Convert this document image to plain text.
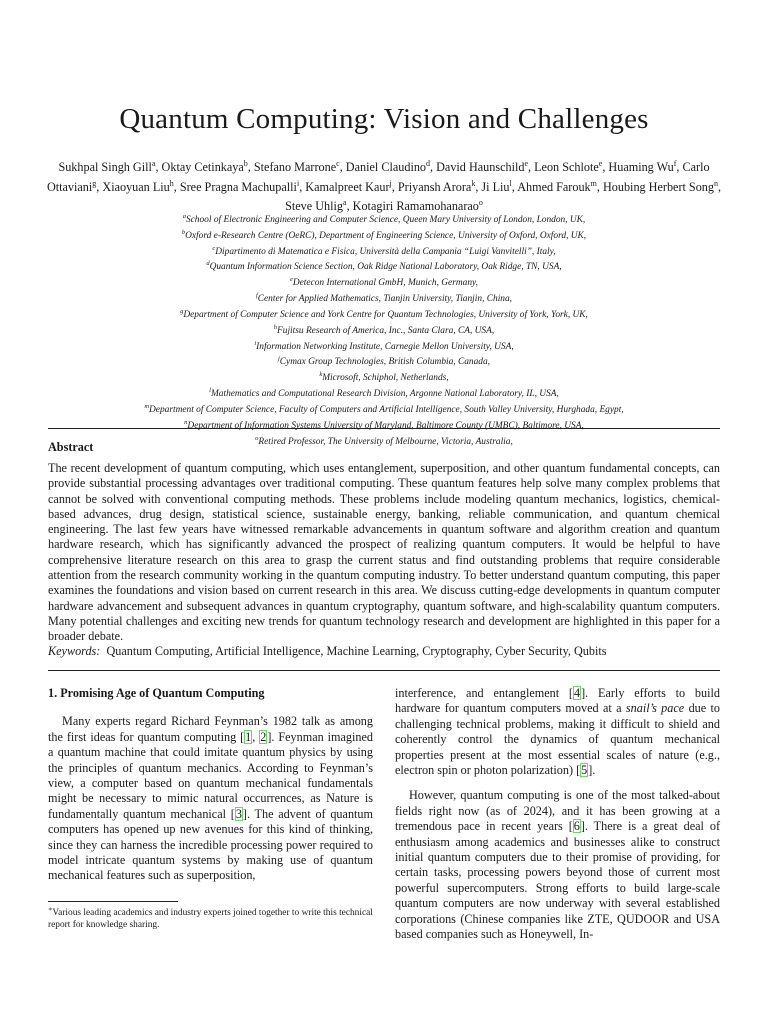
Quantum Computing: Vision and Challenges
Sukhpal Singh Gill$^a$, Oktay Cetinkaya$^b$, Stefano Marrone$^c$, Daniel Claudino$^d$, David Haunschild$^e$, Leon Schlote$^e$, Huaming Wu$^f$, Carlo Ottaviani$^g$, Xiaoyuan Liu$^h$, Sree Pragna Machupalli$^i$, Kamalpreet Kaur$^j$, Priyansh Arora$^k$, Ji Liu$^l$, Ahmed Farouk$^m$, Houbing Herbert Song$^n$, Steve Uhlig$^a$, Kotagiri Ramamohanarao$^o$
$^a$School of Electronic Engineering and Computer Science, Queen Mary University of London, London, UK,
$^b$Oxford e-Research Centre (OeRC), Department of Engineering Science, University of Oxford, Oxford, UK,
$^c$Dipartimento di Matematica e Fisica, Università della Campania “Luigi Vanvitelli”, Italy,
$^d$Quantum Information Science Section, Oak Ridge National Laboratory, Oak Ridge, TN, USA,
$^e$Detecon International GmbH, Munich, Germany,
$^f$Center for Applied Mathematics, Tianjin University, Tianjin, China,
$^g$Department of Computer Science and York Centre for Quantum Technologies, University of York, York, UK,
$^h$Fujitsu Research of America, Inc., Santa Clara, CA, USA,
$^i$Information Networking Institute, Carnegie Mellon University, USA,
$^j$Cymax Group Technologies, British Columbia, Canada,
$^k$Microsoft, Schiphol, Netherlands,
$^l$Mathematics and Computational Research Division, Argonne National Laboratory, IL, USA,
$^m$Department of Computer Science, Faculty of Computers and Artificial Intelligence, South Valley University, Hurghada, Egypt,
$^n$Department of Information Systems University of Maryland, Baltimore County (UMBC), Baltimore, USA,
$^o$Retired Professor, The University of Melbourne, Victoria, Australia,
Abstract

The recent development of quantum computing, which uses entanglement, superposition, and other quantum fundamental concepts, can provide substantial processing advantages over traditional computing. These quantum features help solve many complex problems that cannot be solved with conventional computing methods. These problems include modeling quantum mechanics, logistics, chemical-based advances, drug design, statistical science, sustainable energy, banking, reliable communication, and quantum chemical engineering. The last few years have witnessed remarkable advancements in quantum software and algorithm creation and quantum hardware research, which has significantly advanced the prospect of realizing quantum computers. It would be helpful to have comprehensive literature research on this area to grasp the current status and find outstanding problems that require considerable attention from the research community working in the quantum computing industry. To better understand quantum computing, this paper examines the foundations and vision based on current research in this area. We discuss cutting-edge developments in quantum computer hardware advancement and subsequent advances in quantum cryptography, quantum software, and high-scalability quantum computers. Many potential challenges and exciting new trends for quantum technology research and development are highlighted in this paper for a broader debate.

Keywords: Quantum Computing, Artificial Intelligence, Machine Learning, Cryptography, Cyber Security, Qubits
1. Promising Age of Quantum Computing

Many experts regard Richard Feynman’s 1982 talk as among the first ideas for quantum computing [1, 2]. Feynman imagined a quantum machine that could imitate quantum physics by using the principles of quantum mechanics. According to Feynman’s view, a computer based on quantum mechanical fundamentals might be necessary to mimic natural occurrences, as Nature is fundamentally quantum mechanical [3]. The advent of quantum computers has opened up new avenues for this kind of thinking, since they can harness the incredible processing power required to model intricate quantum systems by making use of quantum mechanical features such as superposition,

interference, and entanglement [4]. Early efforts to build hardware for quantum computers moved at a snail’s pace due to challenging technical problems, making it difficult to shield and coherently control the dynamics of quantum mechanical properties present at the most essential scales of nature (e.g., electron spin or photon polarization) [5].

However, quantum computing is one of the most talked-about fields right now (as of 2024), and it has been growing at a tremendous pace in recent years [6]. There is a great deal of enthusiasm among academics and businesses alike to construct initial quantum computers due to their promise of providing, for certain tasks, processing powers beyond those of current most powerful supercomputers. Strong efforts to build large-scale quantum computers are now underway with several established corporations (Chinese companies like ZTE, QUDOOR and USA based companies such as Honeywell, In-

∗Various leading academics and industry experts joined together to write this technical report for knowledge sharing.
